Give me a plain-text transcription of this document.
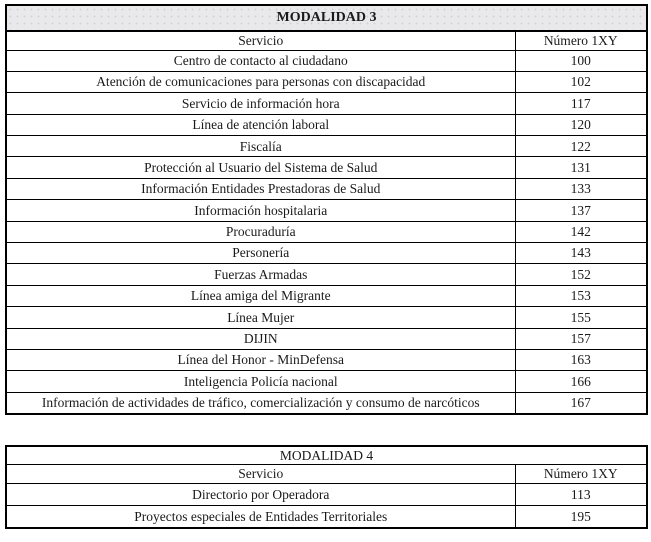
MODALIDAD 3	
Servicio	Número 1XY
Centro de contacto al ciudadano	100
Atención de comunicaciones para personas con discapacidad	102
Servicio de información hora	117
Línea de atención laboral	120
Fiscalía	122
Protección al Usuario del Sistema de Salud	131
Información Entidades Prestadoras de Salud	133
Información hospitalaria	137
Procuraduría	142
Personería	143
Fuerzas Armadas	152
Línea amiga del Migrante	153
Línea Mujer	155
DIJIN	157
Línea del Honor - MinDefensa	163
Inteligencia Policía nacional	166
Información de actividades de tráfico, comercialización y consumo de narcóticos	167
MODALIDAD 4	
Servicio	Número 1XY
Directorio por Operadora	113
Proyectos especiales de Entidades Territoriales	195
